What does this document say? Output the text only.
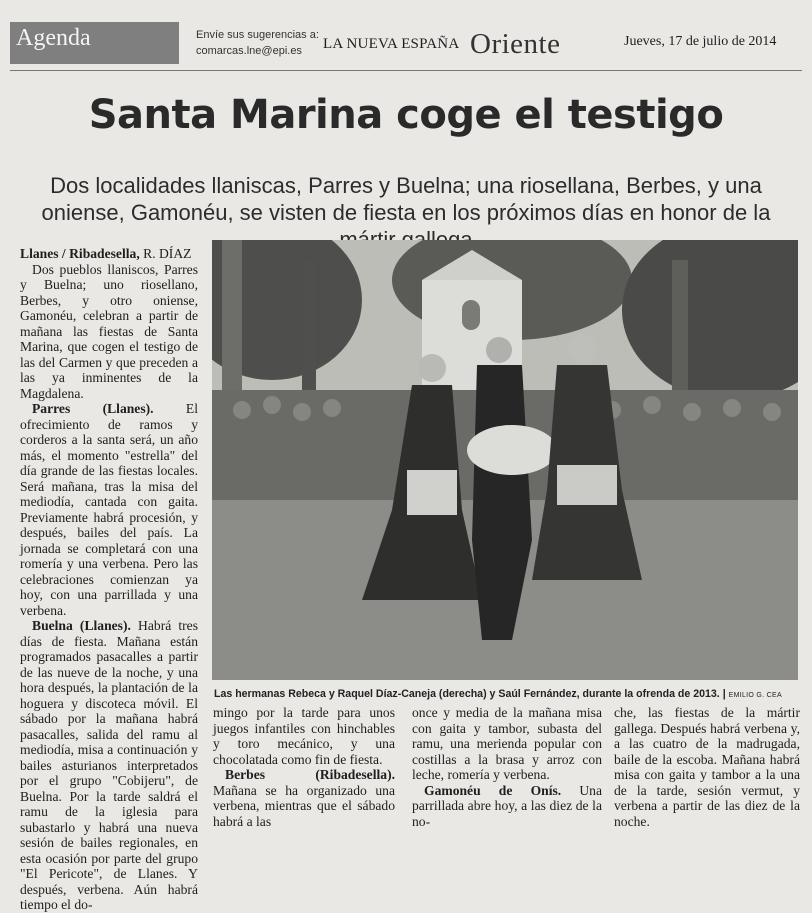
Agenda	Envíe sus sugerencias a:
comarcas.lne@epi.es	LA NUEVA ESPAÑA Oriente	Jueves, 17 de julio de 2014
Santa Marina coge el testigo
Dos localidades llaniscas, Parres y Buelna; una riosellana, Berbes, y una oniense, Gamonéu, se visten de fiesta en los próximos días en honor de la

Llanes / Ribadesella, R. DÍAZ

Dos pueblos llaniscos, Parres y Buelna; uno riosellano, Berbes, y otro oniense, Gamonéu, celebran a partir de mañana las fiestas de Santa Marina, que cogen el testigo de las del Carmen y que preceden a las ya inminentes de la Magdalena.

Parres (Llanes). El ofrecimiento de ramos y corderos a la santa será, un año más, el momento "estrella" del día grande de las fiestas locales. Será mañana, tras la misa del mediodía, cantada con gaita. Previamente habrá procesión, y después, bailes del país. La jornada se completará con una romería y una verbena. Pero las celebraciones comienzan ya hoy, con una parrillada y una verbena.

Buelna (Llanes). Habrá tres días de fiesta. Mañana están programados pasacalles a partir de las nueve de la noche, y una hora después, la plantación de la hoguera y discoteca móvil. El sábado por la mañana habrá pasacalles, salida del ramu al mediodía, misa a continuación y bailes asturianos interpretados por el grupo "Cobijeru", de Buelna. Por la tarde saldrá el ramu de la iglesia para subastarlo y habrá una nueva sesión de bailes regionales, en esta ocasión por parte del grupo "El Pericote", de Llanes. Y después, verbena. Aún habrá tiempo el do-

Las hermanas Rebeca y Raquel Díaz-Caneja (derecha) y Saúl Fernández, durante la ofrenda de 2013. | EMILIO G. CEA

mingo por la tarde para unos juegos infantiles con hinchables y toro mecánico, y una chocolatada como fin de fiesta.

Berbes (Ribadesella). Mañana se ha organizado una verbena, mientras que el sábado habrá a las

once y media de la mañana misa con gaita y tambor, subasta del ramu, una merienda popular con costillas a la brasa y arroz con leche, romería y verbena.

Gamonéu de Onís. Una parrillada abre hoy, a las diez de la no-

che, las fiestas de la mártir gallega. Después habrá verbena y, a las cuatro de la madrugada, baile de la escoba. Mañana habrá misa con gaita y tambor a la una de la tarde, sesión vermut, y verbena a partir de las diez de la noche.
